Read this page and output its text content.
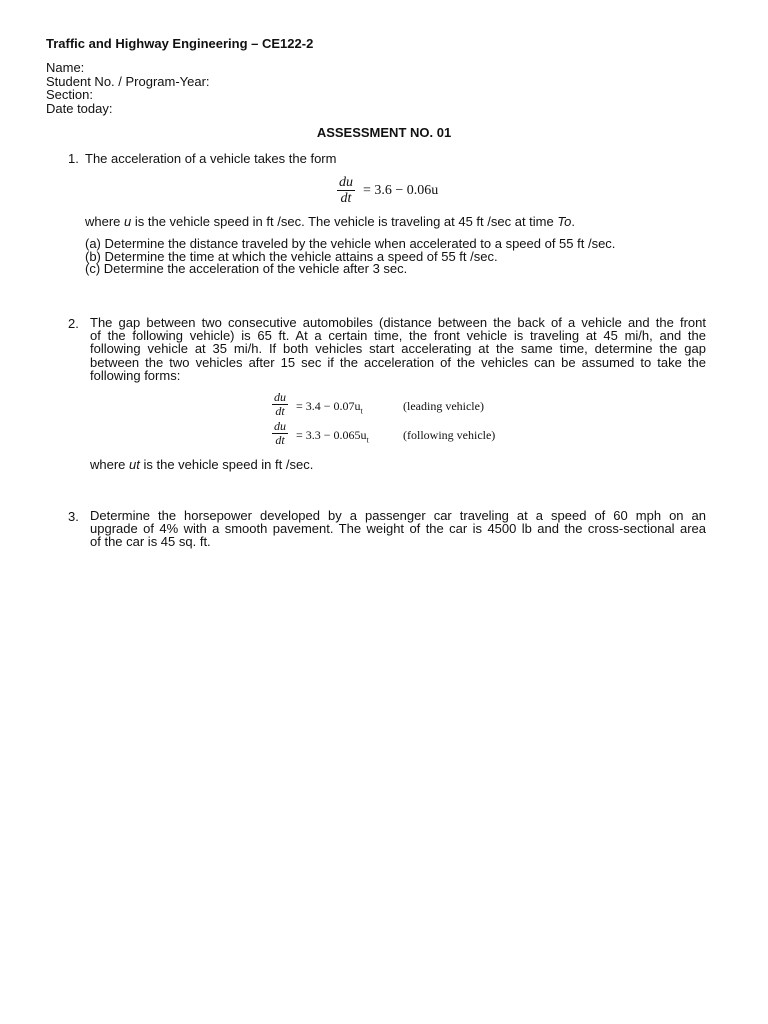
Traffic and Highway Engineering – CE122-2
Name:
Student No. / Program-Year:
Section:
Date today:
ASSESSMENT NO. 01
1. The acceleration of a vehicle takes the form
$\frac{du}{dt} = 3.6 - 0.06u$
where u is the vehicle speed in ft /sec. The vehicle is traveling at 45 ft /sec at time To.
(a) Determine the distance traveled by the vehicle when accelerated to a speed of 55 ft /sec.
(b) Determine the time at which the vehicle attains a speed of 55 ft /sec.
(c) Determine the acceleration of the vehicle after 3 sec.
2. The gap between two consecutive automobiles (distance between the back of a vehicle and the front
of the following vehicle) is 65 ft. At a certain time, the front vehicle is traveling at 45 mi/h, and the
following vehicle at 35 mi/h. If both vehicles start accelerating at the same time, determine the gap
between the two vehicles after 15 sec if the acceleration of the vehicles can be assumed to take the
following forms:
$\frac{du}{dt} = 3.4 - 0.07u_t$	(leading vehicle)
$\frac{du}{dt} = 3.3 - 0.065u_t$	(following vehicle)
where ut is the vehicle speed in ft /sec.
3. Determine the horsepower developed by a passenger car traveling at a speed of 60 mph on an
upgrade of 4% with a smooth pavement. The weight of the car is 4500 lb and the cross-sectional area
of the car is 45 sq. ft.
